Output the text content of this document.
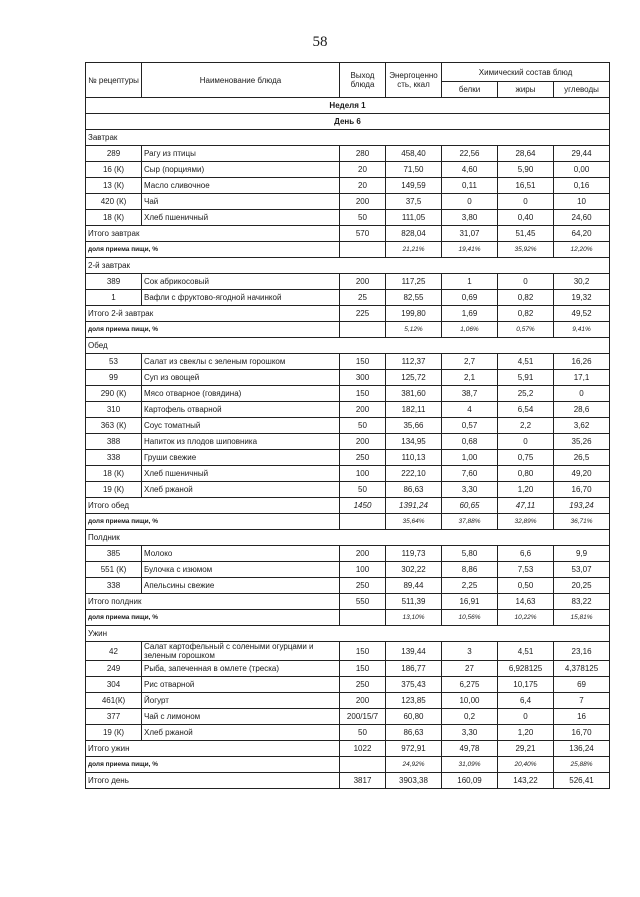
58
№ рецептуры	Наименование блюда	Выход блюда	Энергоценность, ккал	Химический состав блюд		
				белки	жиры	углеводы
Неделя 1						
День 6						
Завтрак						
289	Рагу из птицы	280	458,40	22,56	28,64	29,44
16 (К)	Сыр (порциями)	20	71,50	4,60	5,90	0,00
13 (К)	Масло сливочное	20	149,59	0,11	16,51	0,16
420 (К)	Чай	200	37,5	0	0	10
18 (К)	Хлеб пшеничный	50	111,05	3,80	0,40	24,60
Итого завтрак		570	828,04	31,07	51,45	64,20
доля приема пищи, %			21,21%	19,41%	35,92%	12,20%
2-й завтрак						
389	Сок абрикосовый	200	117,25	1	0	30,2
1	Вафли с фруктово-ягодной начинкой	25	82,55	0,69	0,82	19,32
Итого 2-й завтрак		225	199,80	1,69	0,82	49,52
доля приема пищи, %			5,12%	1,06%	0,57%	9,41%
Обед						
53	Салат из свеклы с зеленым горошком	150	112,37	2,7	4,51	16,26
99	Суп из овощей	300	125,72	2,1	5,91	17,1
290 (К)	Мясо отварное (говядина)	150	381,60	38,7	25,2	0
310	Картофель отварной	200	182,11	4	6,54	28,6
363 (К)	Соус томатный	50	35,66	0,57	2,2	3,62
388	Напиток из плодов шиповника	200	134,95	0,68	0	35,26
338	Груши свежие	250	110,13	1,00	0,75	26,5
18 (К)	Хлеб пшеничный	100	222,10	7,60	0,80	49,20
19 (К)	Хлеб ржаной	50	86,63	3,30	1,20	16,70
Итого обед		1450	1391,24	60,65	47,11	193,24
доля приема пищи, %			35,64%	37,88%	32,89%	36,71%
Полдник						
385	Молоко	200	119,73	5,80	6,6	9,9
551 (К)	Булочка с изюмом	100	302,22	8,86	7,53	53,07
338	Апельсины свежие	250	89,44	2,25	0,50	20,25
Итого полдник		550	511,39	16,91	14,63	83,22
доля приема пищи, %			13,10%	10,56%	10,22%	15,81%
Ужин						
42	Салат картофельный с солеными огурцами и зеленым горошком	150	139,44	3	4,51	23,16
249	Рыба, запеченная в омлете (треска)	150	186,77	27	6,928125	4,378125
304	Рис отварной	250	375,43	6,275	10,175	69
461(К)	Йогурт	200	123,85	10,00	6,4	7
377	Чай с лимоном	200/15/7	60,80	0,2	0	16
19 (К)	Хлеб ржаной	50	86,63	3,30	1,20	16,70
Итого ужин		1022	972,91	49,78	29,21	136,24
доля приема пищи, %			24,92%	31,09%	20,40%	25,88%
Итого день		3817	3903,38	160,09	143,22	526,41
